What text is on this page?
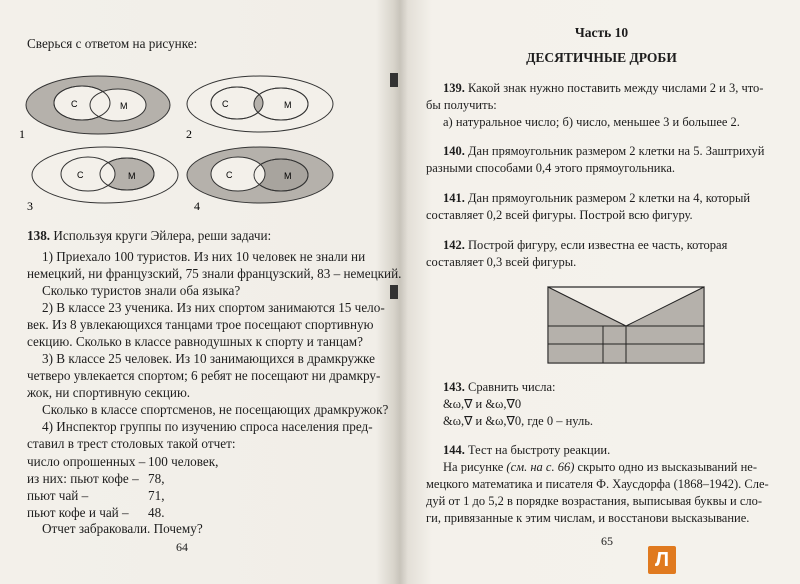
Сверься с ответом на рисунке:
С	М	С	М
С	М	С	М
1	2
3	4
138. Используя круги Эйлера, реши задачи:
1) Приехало 100 туристов. Из них 10 человек не знали ни
немецкий, ни французский, 75 знали французский, 83 – немецкий.
Сколько туристов знали оба языка?
2) В классе 23 ученика. Из них спортом занимаются 15 чело-
век. Из 8 увлекающихся танцами трое посещают спортивную
секцию. Сколько в классе равнодушных к спорту и танцам?
3) В классе 25 человек. Из 10 занимающихся в драмкружке
четверо увлекается спортом; 6 ребят не посещают ни драмкру-
жок, ни спортивную секцию.
Сколько в классе спортсменов, не посещающих драмкружок?
4) Инспектор группы по изучению спроса населения пред-
ставил в трест столовых такой отчет:
число опрошенных – 100 человек,
из них: пьют кофе – 78,
пьют чай –	71,
пьют кофе и чай – 48.
Отчет забраковали. Почему?
64
Часть 10
ДЕСЯТИЧНЫЕ ДРОБИ
139. Какой знак нужно поставить между числами 2 и 3, что-
бы получить:
а) натуральное число; б) число, меньшее 3 и большее 2.
140. Дан прямоугольник размером 2 клетки на 5. Заштрихуй
разными способами 0,4 этого прямоугольника.
141. Дан прямоугольник размером 2 клетки на 4, который
составляет 0,2 всей фигуры. Построй всю фигуру.
142. Построй фигуру, если известна ее часть, которая
составляет 0,3 всей фигуры.
143. Сравнить числа:
&ω,∇ и &ω,∇0
&ω,∇ и &ω,∇0, где 0 – нуль.
144. Тест на быстроту реакции.
На рисунке (см. на с. 66) скрыто одно из высказываний не-
мецкого математика и писателя Ф. Хаусдорфа (1868–1942). Сле-
дуй от 1 до 5,2 в порядке возрастания, выписывая буквы и сло-
ги, привязанные к этим числам, и восстанови высказывание.
65
Л
